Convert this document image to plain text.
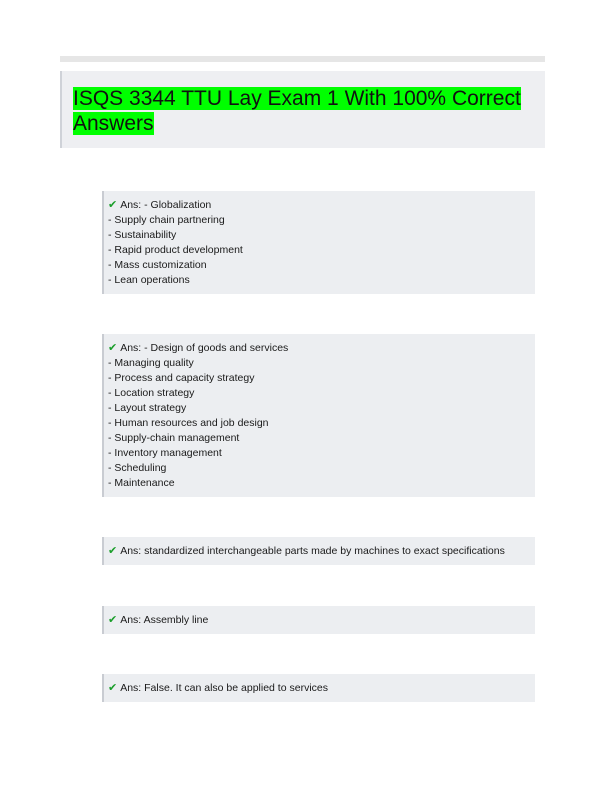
ISQS 3344 TTU Lay Exam 1 With 100% Correct Answers
✔ Ans: - Globalization
- Supply chain partnering
- Sustainability
- Rapid product development
- Mass customization
- Lean operations
✔ Ans: - Design of goods and services
- Managing quality
- Process and capacity strategy
- Location strategy
- Layout strategy
- Human resources and job design
- Supply-chain management
- Inventory management
- Scheduling
- Maintenance
✔ Ans: standardized interchangeable parts made by machines to exact specifications
✔ Ans: Assembly line
✔ Ans: False. It can also be applied to services
